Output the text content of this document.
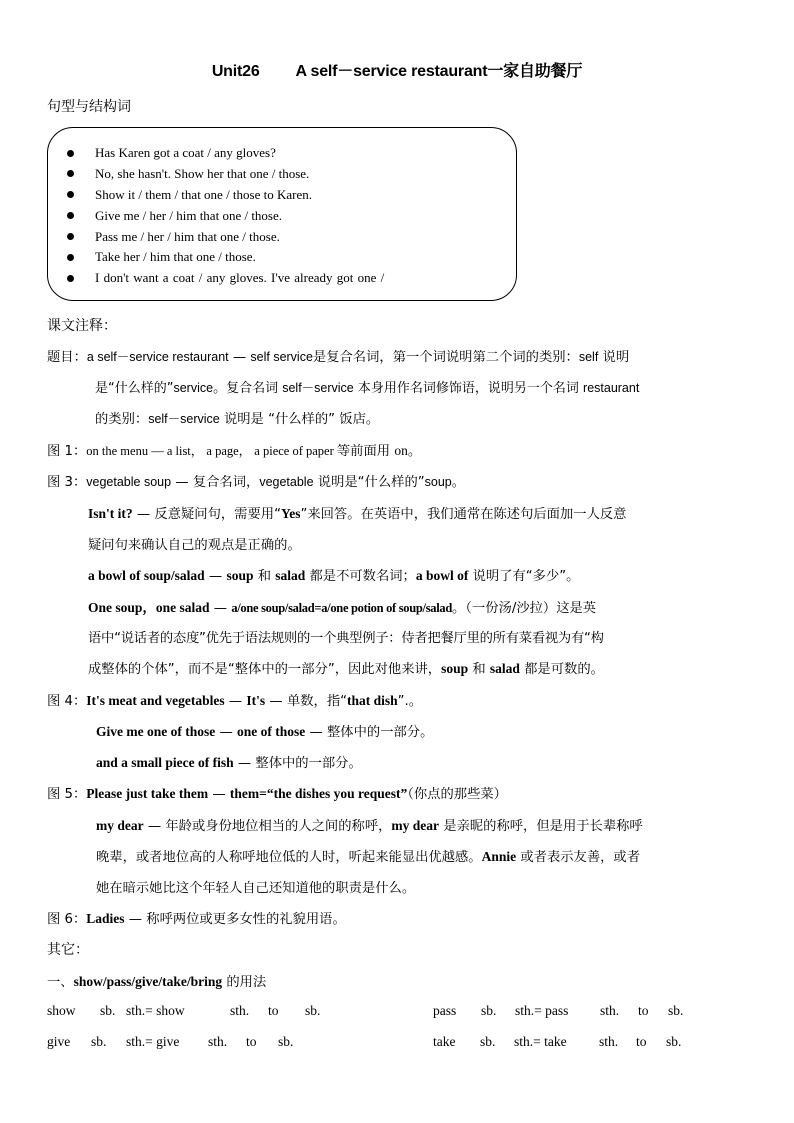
Unit26 A self－service restaurant一家自助餐厅
句型与结构词
Has Karen got a coat / any gloves?
No, she hasn't. Show her that one / those.
Show it / them / that one / those to Karen.
Give me / her / him that one / those.
Pass me / her / him that one / those.
Take her / him that one / those.
I don't want a coat / any gloves. I've already got one /
课文注释：
题目：a self－service restaurant — self service是复合名词，第一个词说明第二个词的类别：self 说明
是“什么样的”service。复合名词 self－service 本身用作名词修饰语，说明另一个名词 restaurant
的类别：self－service 说明是 “什么样的” 饭店。
图 1：on the menu — a list， a page， a piece of paper 等前面用 on。
图 3：vegetable soup — 复合名词，vegetable 说明是“什么样的”soup。
Isn't it? — 反意疑问句，需要用“Yes”来回答。在英语中，我们通常在陈述句后面加一人反意
疑问句来确认自己的观点是正确的。
a bowl of soup/salad — soup 和 salad 都是不可数名词；a bowl of 说明了有“多少”。
One soup，one salad — a/one soup/salad=a/one potion of soup/salad。（一份汤/沙拉）这是英
语中“说话者的态度”优先于语法规则的一个典型例子：侍者把餐厅里的所有菜看视为有“构
成整体的个体”，而不是“整体中的一部分”，因此对他来讲，soup 和 salad 都是可数的。
图 4：It's meat and vegetables — It's — 单数，指“that dish”.。
Give me one of those — one of those — 整体中的一部分。
and a small piece of fish — 整体中的一部分。
图 5：Please just take them — them=“the dishes you request”（你点的那些菜）
my dear — 年龄或身份地位相当的人之间的称呼，my dear 是亲昵的称呼，但是用于长辈称呼
晚辈，或者地位高的人称呼地位低的人时，听起来能显出优越感。Annie 或者表示友善，或者
她在暗示她比这个年轻人自己还知道他的职责是什么。
图 6：Ladies — 称呼两位或更多女性的礼貌用语。
其它：
一、show/pass/give/take/bring 的用法
show sb. sth.= show	sth. to sb.	pass sb. sth.= pass sth. to sb.
give sb. sth.= give sth. to sb.	take sb. sth.= take sth. to sb.
